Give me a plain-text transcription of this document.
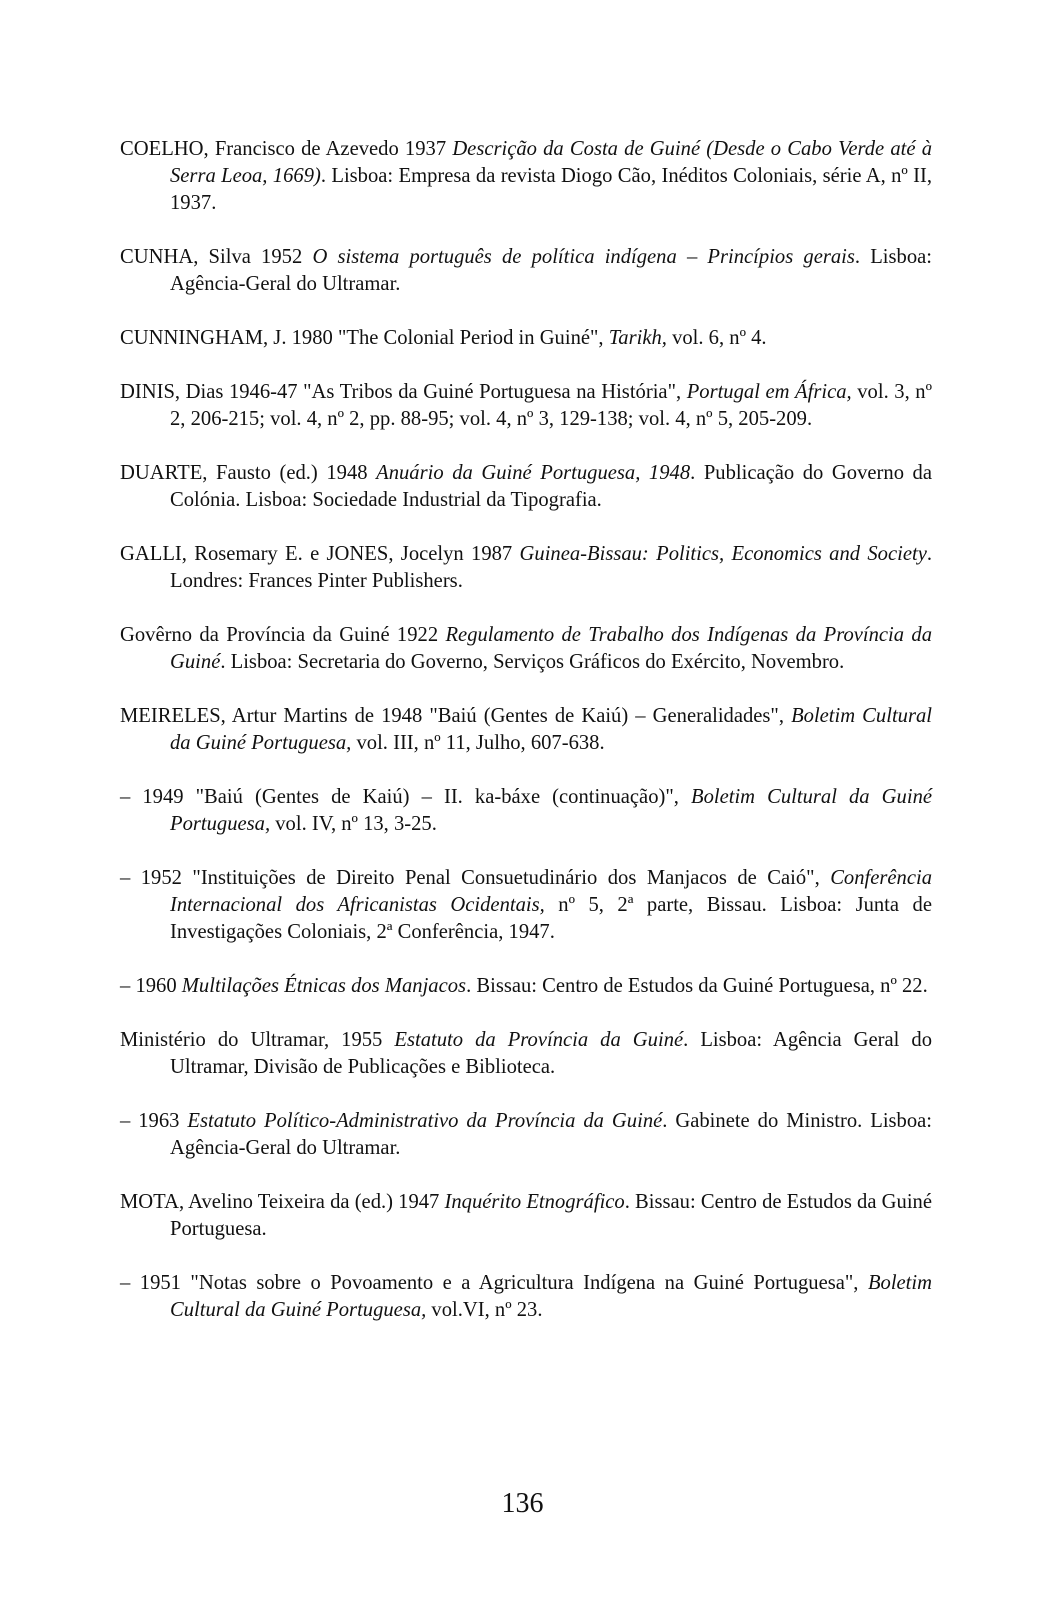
COELHO, Francisco de Azevedo 1937 Descrição da Costa de Guiné (Desde o Cabo Verde até à Serra Leoa, 1669). Lisboa: Empresa da revista Diogo Cão, Inéditos Coloniais, série A, nº II, 1937.

CUNHA, Silva 1952 O sistema português de política indígena – Princípios gerais. Lisboa: Agência-Geral do Ultramar.

CUNNINGHAM, J. 1980 "The Colonial Period in Guiné", Tarikh, vol. 6, nº 4.

DINIS, Dias 1946-47 "As Tribos da Guiné Portuguesa na História", Portugal em África, vol. 3, nº 2, 206-215; vol. 4, nº 2, pp. 88-95; vol. 4, nº 3, 129-138; vol. 4, nº 5, 205-209.

DUARTE, Fausto (ed.) 1948 Anuário da Guiné Portuguesa, 1948. Publicação do Governo da Colónia. Lisboa: Sociedade Industrial da Tipografia.

GALLI, Rosemary E. e JONES, Jocelyn 1987 Guinea-Bissau: Politics, Economics and Society. Londres: Frances Pinter Publishers.

Govêrno da Província da Guiné 1922 Regulamento de Trabalho dos Indígenas da Província da Guiné. Lisboa: Secretaria do Governo, Serviços Gráficos do Exército, Novembro.

MEIRELES, Artur Martins de 1948 "Baiú (Gentes de Kaiú) – Generalidades", Boletim Cultural da Guiné Portuguesa, vol. III, nº 11, Julho, 607-638.

– 1949 "Baiú (Gentes de Kaiú) – II. ka-báxe (continuação)", Boletim Cultural da Guiné Portuguesa, vol. IV, nº 13, 3-25.

– 1952 "Instituições de Direito Penal Consuetudinário dos Manjacos de Caió", Conferência Internacional dos Africanistas Ocidentais, nº 5, 2ª parte, Bissau. Lisboa: Junta de Investigações Coloniais, 2ª Conferência, 1947.

– 1960 Multilações Étnicas dos Manjacos. Bissau: Centro de Estudos da Guiné Portuguesa, nº 22.

Ministério do Ultramar, 1955 Estatuto da Província da Guiné. Lisboa: Agência Geral do Ultramar, Divisão de Publicações e Biblioteca.

– 1963 Estatuto Político-Administrativo da Província da Guiné. Gabinete do Ministro. Lisboa: Agência-Geral do Ultramar.

MOTA, Avelino Teixeira da (ed.) 1947 Inquérito Etnográfico. Bissau: Centro de Estudos da Guiné Portuguesa.

– 1951 "Notas sobre o Povoamento e a Agricultura Indígena na Guiné Portuguesa", Boletim Cultural da Guiné Portuguesa, vol.VI, nº 23.

136
